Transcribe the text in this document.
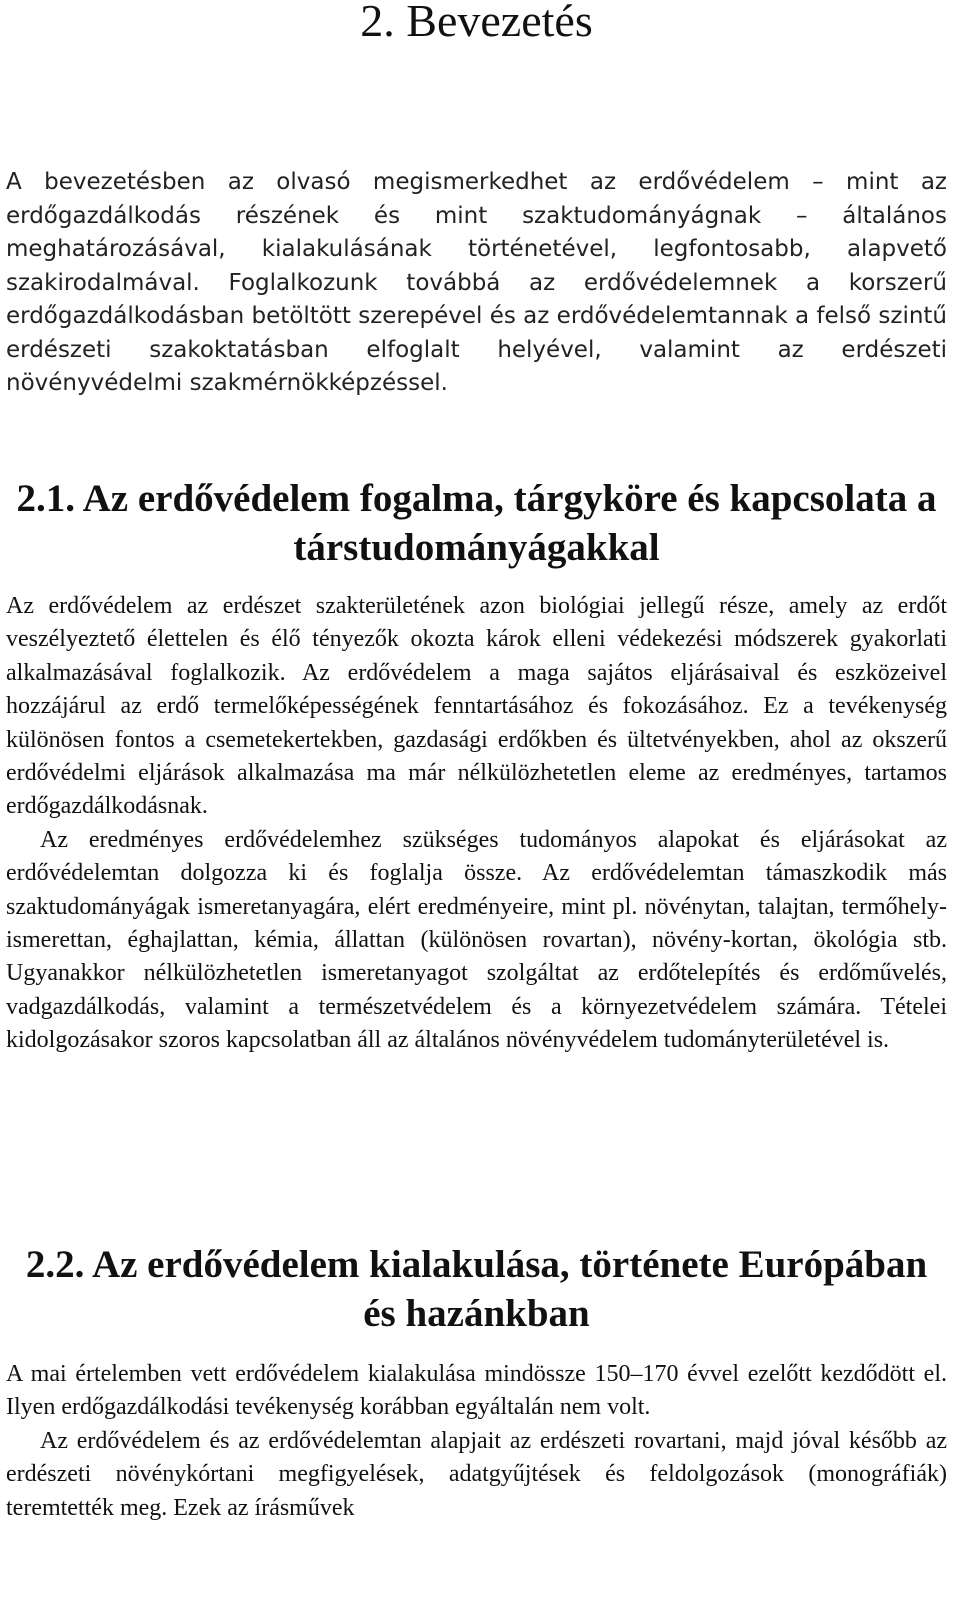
2. Bevezetés

A bevezetésben az olvasó megismerkedhet az erdővédelem – mint az erdőgazdálkodás részének és mint szaktudományágnak – általános meghatározásával, kialakulásának történetével, legfontosabb, alapvető szakirodalmával. Foglalkozunk továbbá az erdővédelemnek a korszerű erdőgazdálkodásban betöltött szerepével és az erdővédelemtannak a felső szintű erdészeti szakoktatásban elfoglalt helyével, valamint az erdészeti növényvédelmi szakmérnökképzéssel.

2.1. Az erdővédelem fogalma, tárgyköre és kapcsolata a társtudományágakkal

Az erdővédelem az erdészet szakterületének azon biológiai jellegű része, amely az erdőt veszélyeztető élettelen és élő tényezők okozta károk elleni védekezési módszerek gyakorlati alkalmazásával foglalkozik. Az erdővédelem a maga sajátos eljárásaival és eszközeivel hozzájárul az erdő termelőképességének fenntartásához és fokozásához. Ez a tevékenység különösen fontos a csemetekertekben, gazdasági erdőkben és ültetvényekben, ahol az okszerű erdővédelmi eljárások alkalmazása ma már nélkülözhetetlen eleme az eredményes, tartamos erdőgazdálkodásnak.

Az eredményes erdővédelemhez szükséges tudományos alapokat és eljárásokat az erdővédelemtan dolgozza ki és foglalja össze. Az erdővédelemtan támaszkodik más szaktudományágak ismeretanyagára, elért eredményeire, mint pl. növénytan, talajtan, termőhely-ismerettan, éghajlattan, kémia, állattan (különösen rovartan), növény-kortan, ökológia stb. Ugyanakkor nélkülözhetetlen ismeretanyagot szolgáltat az erdőtelepítés és erdőművelés, vadgazdálkodás, valamint a természetvédelem és a környezetvédelem számára. Tételei kidolgozásakor szoros kapcsolatban áll az általános növényvédelem tudományterületével is.

2.2. Az erdővédelem kialakulása, története Európában és hazánkban

A mai értelemben vett erdővédelem kialakulása mindössze 150–170 évvel ezelőtt kezdődött el. Ilyen erdőgazdálkodási tevékenység korábban egyáltalán nem volt.

Az erdővédelem és az erdővédelemtan alapjait az erdészeti rovartani, majd jóval később az erdészeti növénykórtani megfigyelések, adatgyűjtések és feldolgozások (monográfiák) teremtették meg. Ezek az írásművek
